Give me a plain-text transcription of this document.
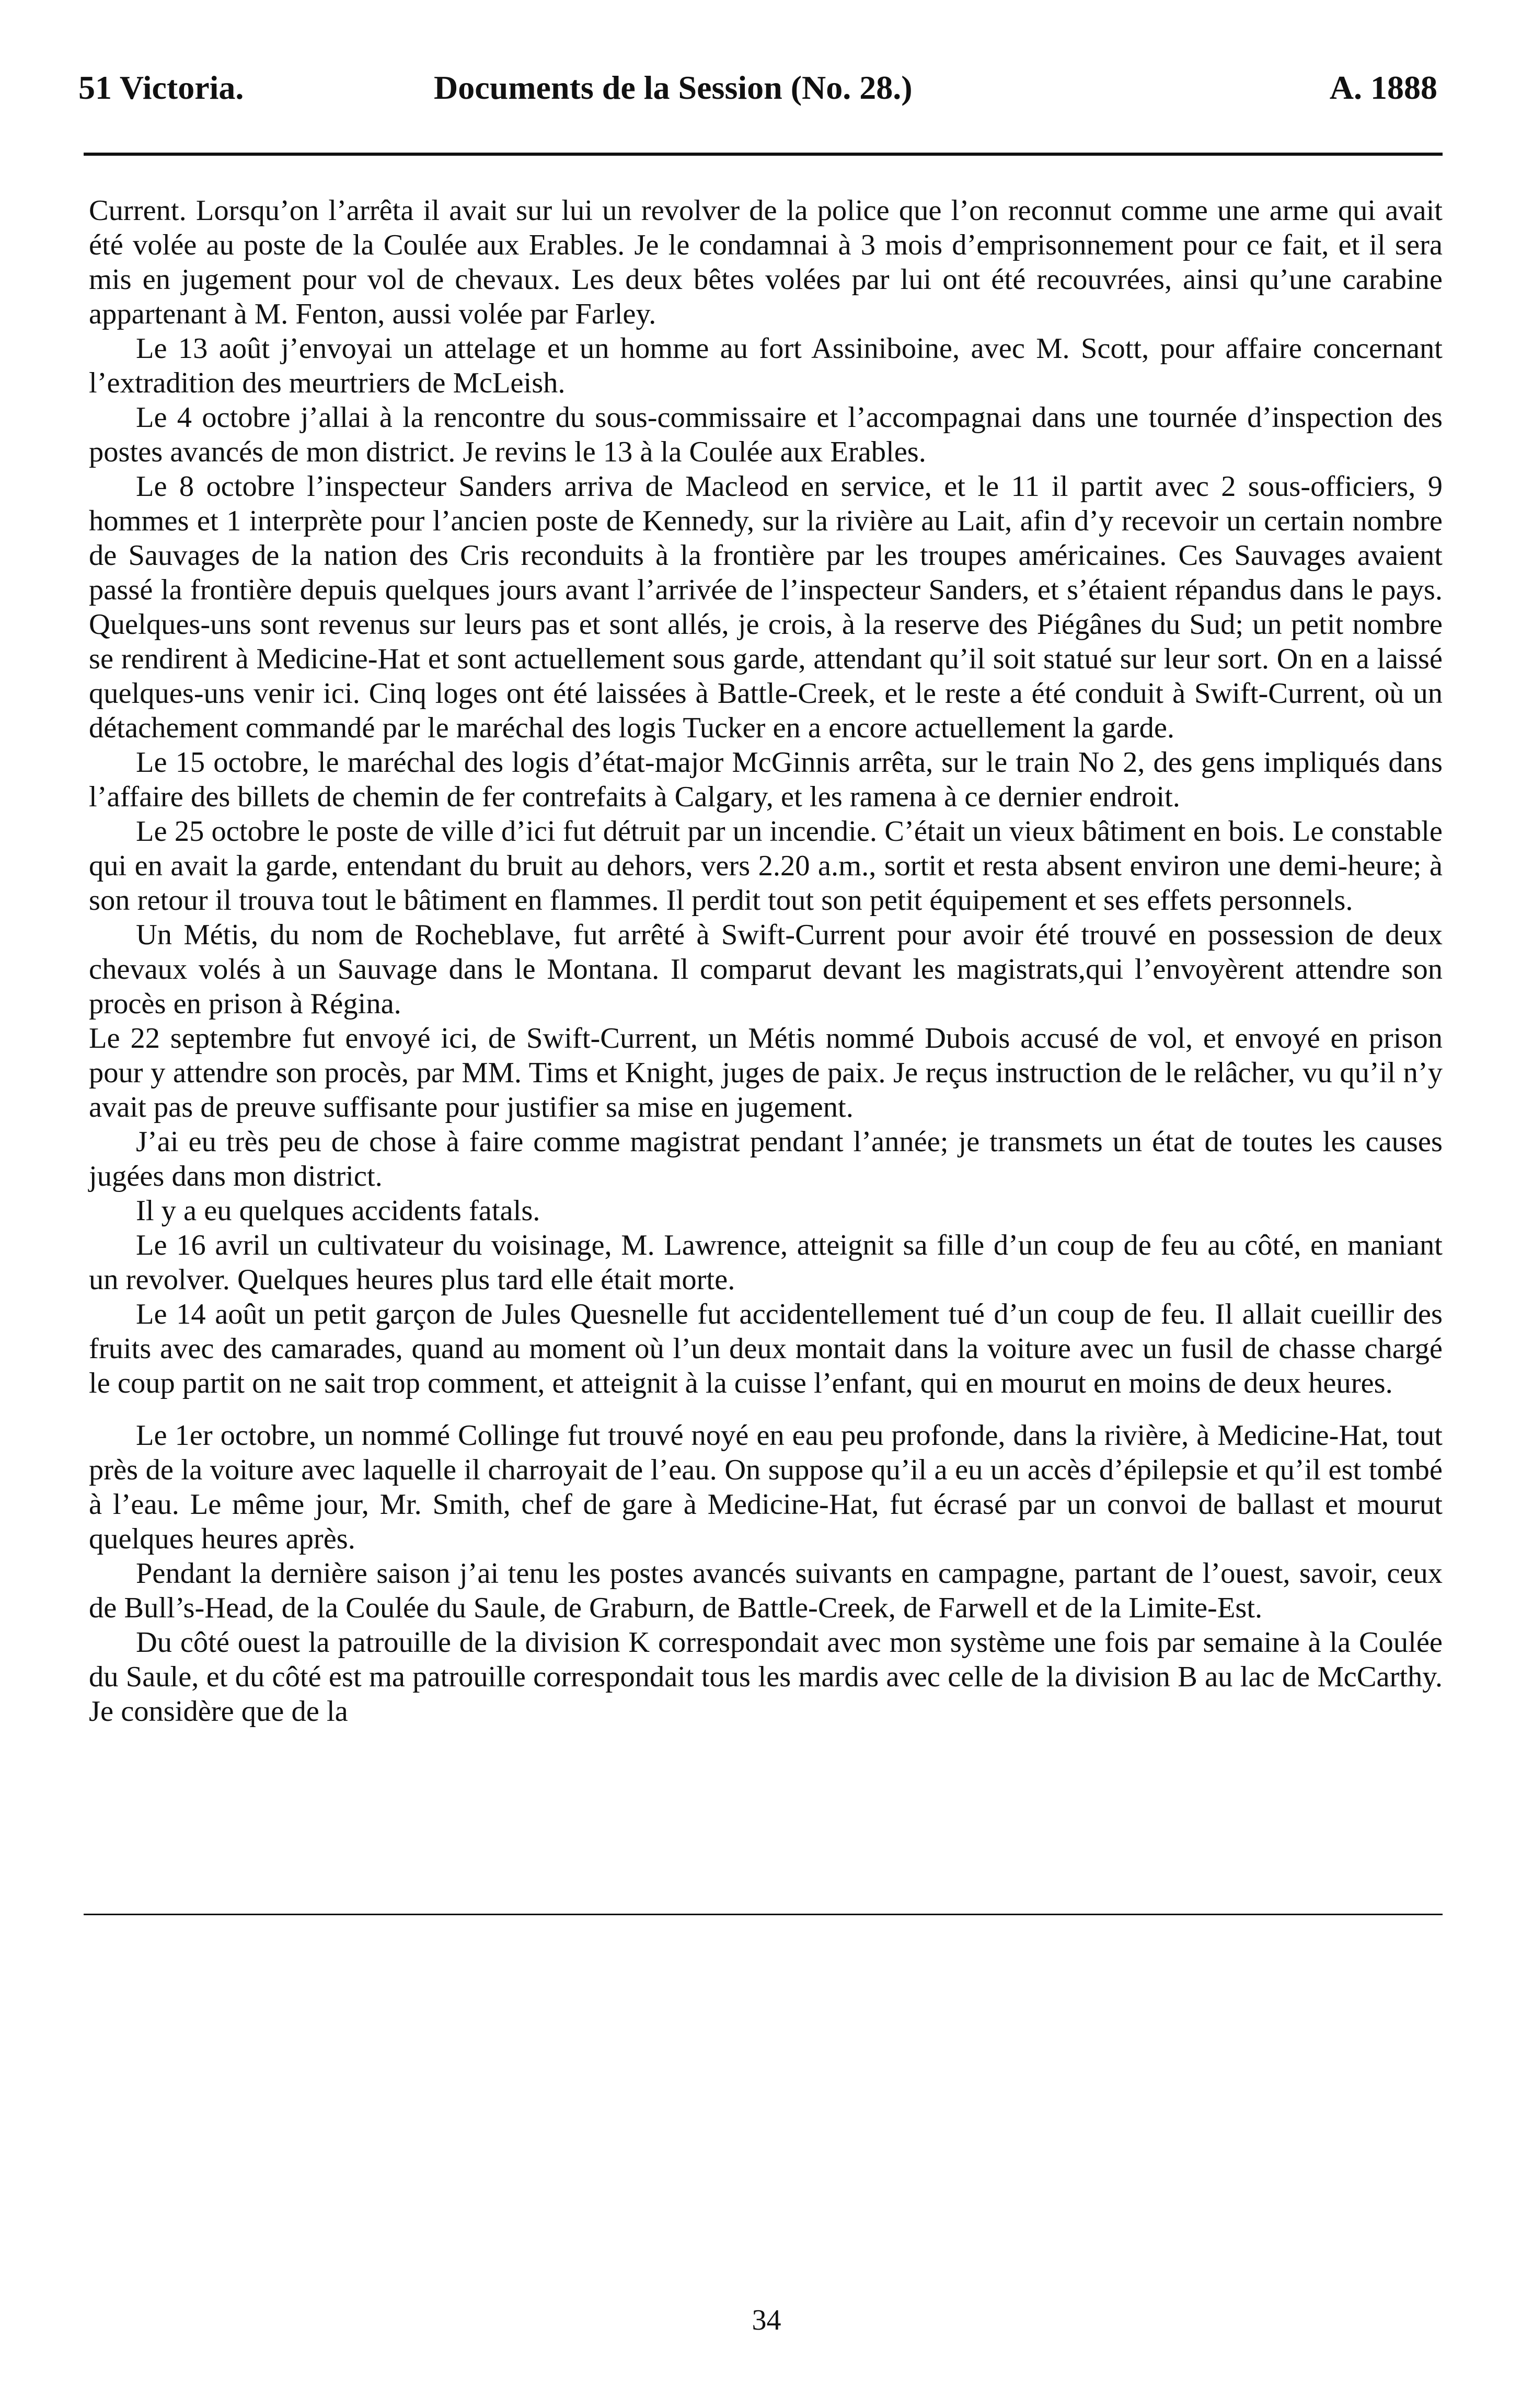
51 Victoria.	Documents de la Session (No. 28.)	A. 1888

Current. Lorsqu’on l’arrêta il avait sur lui un revolver de la police que l’on reconnut comme une arme qui avait été volée au poste de la Coulée aux Erables. Je le condamnai à 3 mois d’emprisonnement pour ce fait, et il sera mis en jugement pour vol de chevaux. Les deux bêtes volées par lui ont été recouvrées, ainsi qu’une carabine appartenant à M. Fenton, aussi volée par Farley.

Le 13 août j’envoyai un attelage et un homme au fort Assiniboine, avec M. Scott, pour affaire concernant l’extradition des meurtriers de McLeish.

Le 4 octobre j’allai à la rencontre du sous-commissaire et l’accompagnai dans une tournée d’inspection des postes avancés de mon district. Je revins le 13 à la Coulée aux Erables.

Le 8 octobre l’inspecteur Sanders arriva de Macleod en service, et le 11 il partit avec 2 sous-officiers, 9 hommes et 1 interprète pour l’ancien poste de Kennedy, sur la rivière au Lait, afin d’y recevoir un certain nombre de Sauvages de la nation des Cris reconduits à la frontière par les troupes américaines. Ces Sauvages avaient passé la frontière depuis quelques jours avant l’arrivée de l’inspecteur Sanders, et s’étaient répandus dans le pays. Quelques-uns sont revenus sur leurs pas et sont allés, je crois, à la reserve des Piégânes du Sud; un petit nombre se rendirent à Medicine-Hat et sont actuellement sous garde, attendant qu’il soit statué sur leur sort. On en a laissé quelques-uns venir ici. Cinq loges ont été laissées à Battle-Creek, et le reste a été conduit à Swift-Current, où un détachement commandé par le maréchal des logis Tucker en a encore actuellement la garde.

Le 15 octobre, le maréchal des logis d’état-major McGinnis arrêta, sur le train No 2, des gens impliqués dans l’affaire des billets de chemin de fer contrefaits à Calgary, et les ramena à ce dernier endroit.

Le 25 octobre le poste de ville d’ici fut détruit par un incendie. C’était un vieux bâtiment en bois. Le constable qui en avait la garde, entendant du bruit au dehors, vers 2.20 a.m., sortit et resta absent environ une demi-heure; à son retour il trouva tout le bâtiment en flammes. Il perdit tout son petit équipement et ses effets personnels.

Un Métis, du nom de Rocheblave, fut arrêté à Swift-Current pour avoir été trouvé en possession de deux chevaux volés à un Sauvage dans le Montana. Il comparut devant les magistrats,qui l’envoyèrent attendre son procès en prison à Régina.

Le 22 septembre fut envoyé ici, de Swift-Current, un Métis nommé Dubois accusé de vol, et envoyé en prison pour y attendre son procès, par MM. Tims et Knight, juges de paix. Je reçus instruction de le relâcher, vu qu’il n’y avait pas de preuve suffisante pour justifier sa mise en jugement.

J’ai eu très peu de chose à faire comme magistrat pendant l’année; je transmets un état de toutes les causes jugées dans mon district.

Il y a eu quelques accidents fatals.

Le 16 avril un cultivateur du voisinage, M. Lawrence, atteignit sa fille d’un coup de feu au côté, en maniant un revolver. Quelques heures plus tard elle était morte.

Le 14 août un petit garçon de Jules Quesnelle fut accidentellement tué d’un coup de feu. Il allait cueillir des fruits avec des camarades, quand au moment où l’un deux montait dans la voiture avec un fusil de chasse chargé le coup partit on ne sait trop comment, et atteignit à la cuisse l’enfant, qui en mourut en moins de deux heures.

Le 1er octobre, un nommé Collinge fut trouvé noyé en eau peu profonde, dans la rivière, à Medicine-Hat, tout près de la voiture avec laquelle il charroyait de l’eau. On suppose qu’il a eu un accès d’épilepsie et qu’il est tombé à l’eau. Le même jour, Mr. Smith, chef de gare à Medicine-Hat, fut écrasé par un convoi de ballast et mourut quelques heures après.

Pendant la dernière saison j’ai tenu les postes avancés suivants en campagne, partant de l’ouest, savoir, ceux de Bull’s-Head, de la Coulée du Saule, de Graburn, de Battle-Creek, de Farwell et de la Limite-Est.

Du côté ouest la patrouille de la division K correspondait avec mon système une fois par semaine à la Coulée du Saule, et du côté est ma patrouille correspondait tous les mardis avec celle de la division B au lac de McCarthy. Je considère que de la

34
